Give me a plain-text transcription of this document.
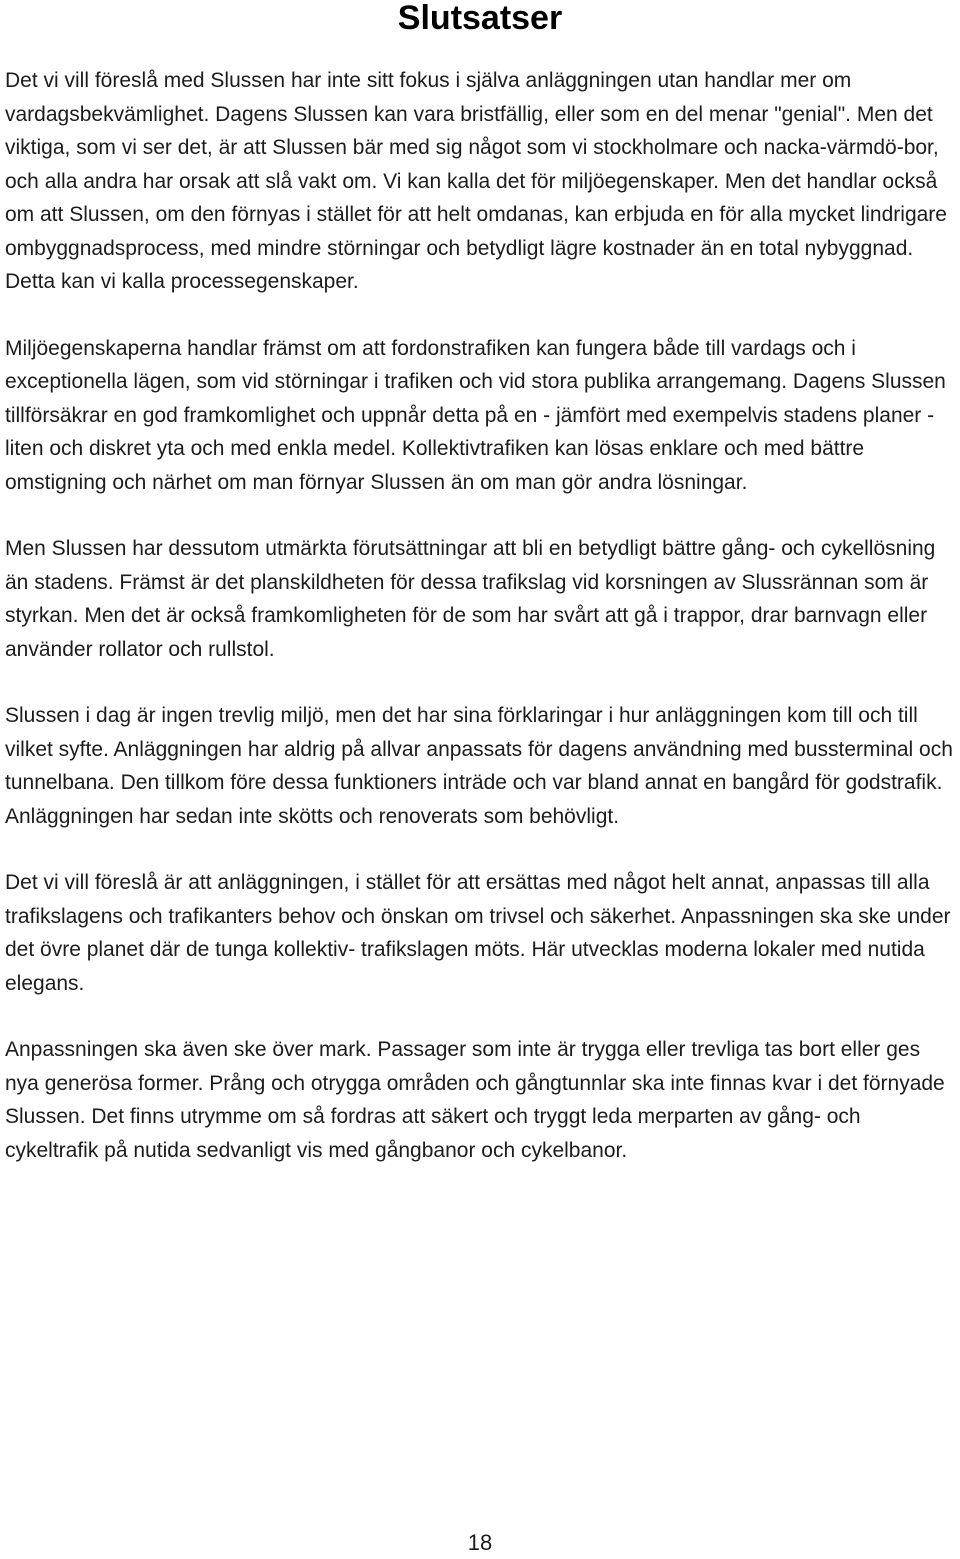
Slutsatser

Det vi vill föreslå med Slussen har inte sitt fokus i själva anläggningen utan handlar mer om vardagsbekvämlighet. Dagens Slussen kan vara bristfällig, eller som en del menar "genial". Men det viktiga, som vi ser det, är att Slussen bär med sig något som vi stockholmare och nacka-värmdö-bor, och alla andra har orsak att slå vakt om. Vi kan kalla det för miljöegenskaper. Men det handlar också om att Slussen, om den förnyas i stället för att helt omdanas, kan erbjuda en för alla mycket lindrigare ombyggnadsprocess, med mindre störningar och betydligt lägre kostnader än en total nybyggnad. Detta kan vi kalla processegenskaper.

Miljöegenskaperna handlar främst om att fordonstrafiken kan fungera både till vardags och i exceptionella lägen, som vid störningar i trafiken och vid stora publika arrangemang. Dagens Slussen tillförsäkrar en god framkomlighet och uppnår detta på en - jämfört med exempelvis stadens planer - liten och diskret yta och med enkla medel. Kollektivtrafiken kan lösas enklare och med bättre omstigning och närhet om man förnyar Slussen än om man gör andra lösningar.

Men Slussen har dessutom utmärkta förutsättningar att bli en betydligt bättre gång- och cykellösning än stadens. Främst är det planskildheten för dessa trafikslag vid korsningen av Slussrännan som är styrkan. Men det är också framkomligheten för de som har svårt att gå i trappor, drar barnvagn eller använder rollator och rullstol.

Slussen i dag är ingen trevlig miljö, men det har sina förklaringar i hur anläggningen kom till och till vilket syfte. Anläggningen har aldrig på allvar anpassats för dagens användning med bussterminal och tunnelbana. Den tillkom före dessa funktioners inträde och var bland annat en bangård för godstrafik. Anläggningen har sedan inte skötts och renoverats som behövligt.

Det vi vill föreslå är att anläggningen, i stället för att ersättas med något helt annat, anpassas till alla trafikslagens och trafikanters behov och önskan om trivsel och säkerhet. Anpassningen ska ske under det övre planet där de tunga kollektiv- trafikslagen möts. Här utvecklas moderna lokaler med nutida elegans.

Anpassningen ska även ske över mark. Passager som inte är trygga eller trevliga tas bort eller ges nya generösa former. Prång och otrygga områden och gångtunnlar ska inte finnas kvar i det förnyade Slussen. Det finns utrymme om så fordras att säkert och tryggt leda merparten av gång- och cykeltrafik på nutida sedvanligt vis med gångbanor och cykelbanor.

18
